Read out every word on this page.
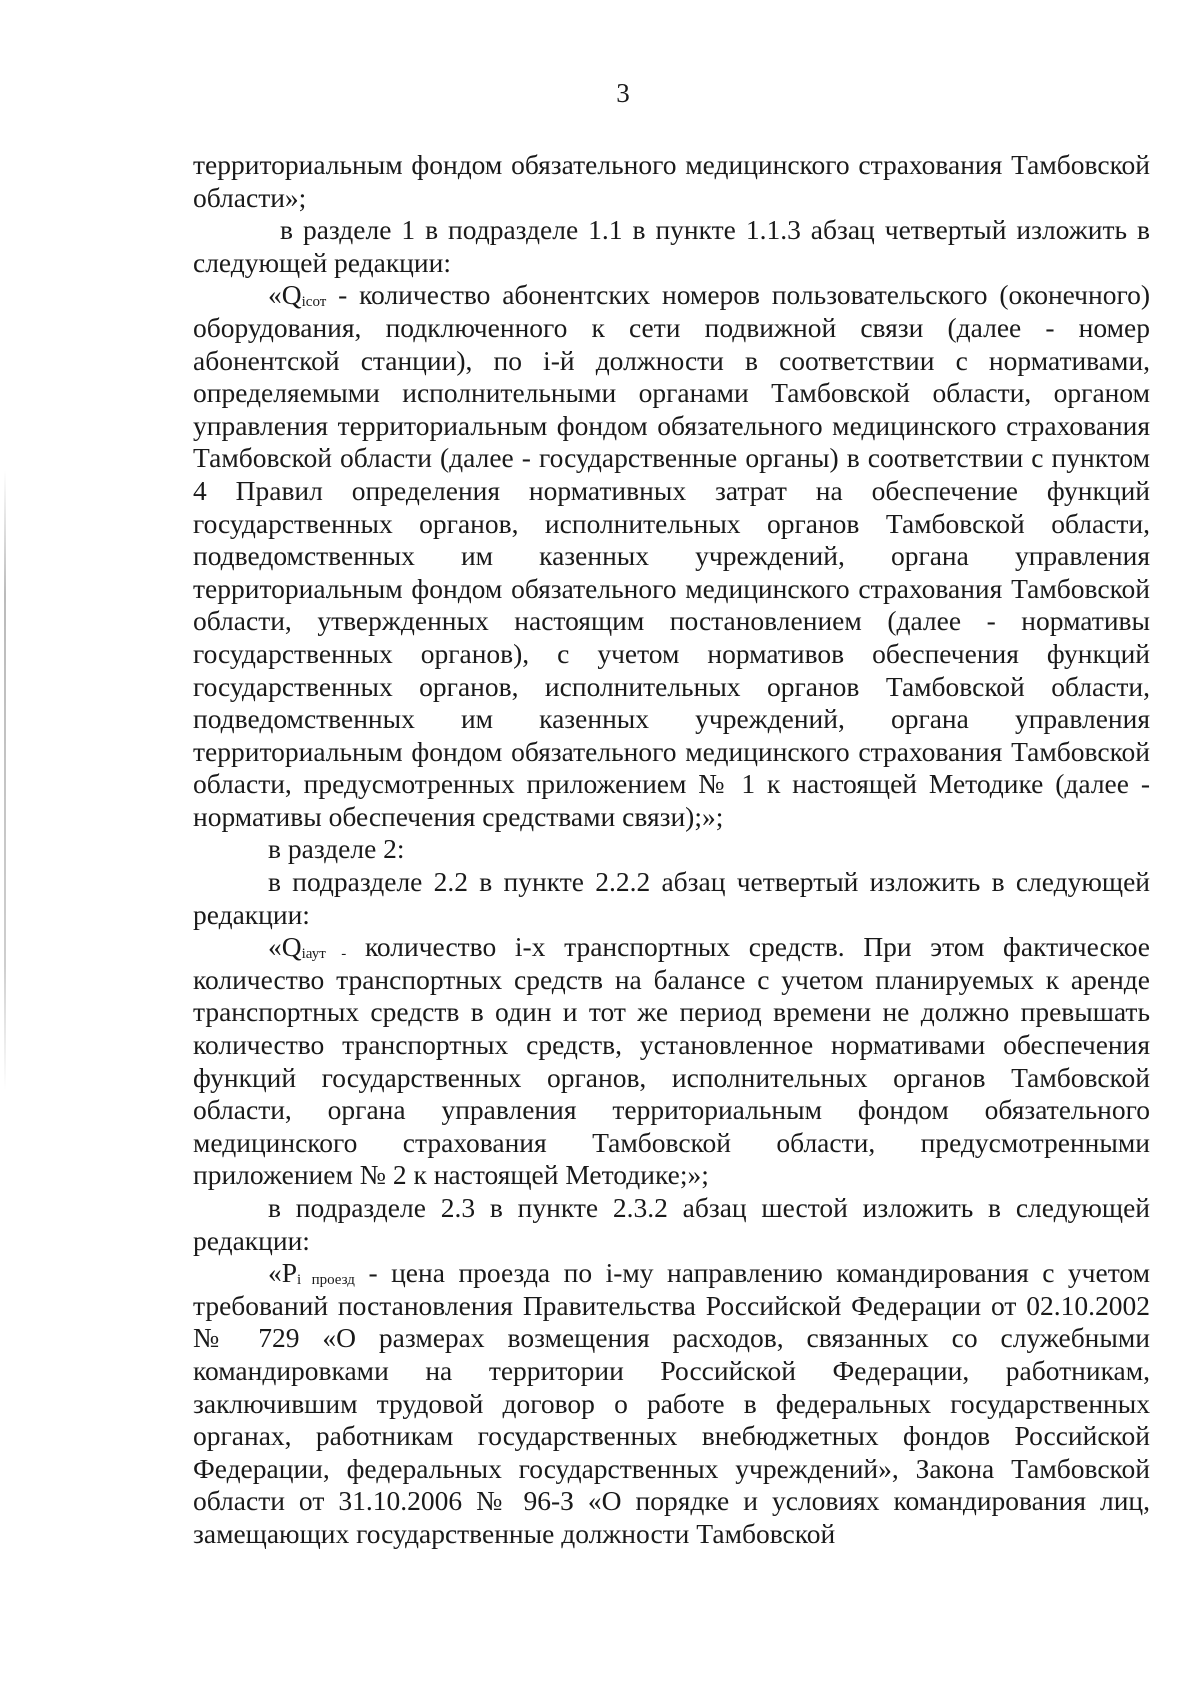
3

территориальным фондом обязательного медицинского страхования Тамбовской области»;

в разделе 1 в подразделе 1.1 в пункте 1.1.3 абзац четвертый изложить в следующей редакции:

«Qicот - количество абонентских номеров пользовательского (оконечного) оборудования, подключенного к сети подвижной связи (далее - номер абонентской станции), по i-й должности в соответствии с нормативами, определяемыми исполнительными органами Тамбовской области, органом управления территориальным фондом обязательного медицинского страхования Тамбовской области (далее - государственные органы) в соответствии с пунктом 4 Правил определения нормативных затрат на обеспечение функций государственных органов, исполнительных органов Тамбовской области, подведомственных им казенных учреждений, органа управления территориальным фондом обязательного медицинского страхования Тамбовской области, утвержденных настоящим постановлением (далее - нормативы государственных органов), с учетом нормативов обеспечения функций государственных органов, исполнительных органов Тамбовской области, подведомственных им казенных учреждений, органа управления территориальным фондом обязательного медицинского страхования Тамбовской области, предусмотренных приложением № 1 к настоящей Методике (далее - нормативы обеспечения средствами связи);»;

в разделе 2:

в подразделе 2.2 в пункте 2.2.2 абзац четвертый изложить в следующей редакции:

«Qiаут - количество i-х транспортных средств. При этом фактическое количество транспортных средств на балансе с учетом планируемых к аренде транспортных средств в один и тот же период времени не должно превышать количество транспортных средств, установленное нормативами обеспечения функций государственных органов, исполнительных органов Тамбовской области, органа управления территориальным фондом обязательного медицинского страхования Тамбовской области, предусмотренными приложением № 2 к настоящей Методике;»;

в подразделе 2.3 в пункте 2.3.2 абзац шестой изложить в следующей редакции:

«Pi проезд - цена проезда по i-му направлению командирования с учетом требований постановления Правительства Российской Федерации от 02.10.2002 № 729 «О размерах возмещения расходов, связанных со служебными командировками на территории Российской Федерации, работникам, заключившим трудовой договор о работе в федеральных государственных органах, работникам государственных внебюджетных фондов Российской Федерации, федеральных государственных учреждений», Закона Тамбовской области от 31.10.2006 № 96-З «О порядке и условиях командирования лиц, замещающих государственные должности Тамбовской
